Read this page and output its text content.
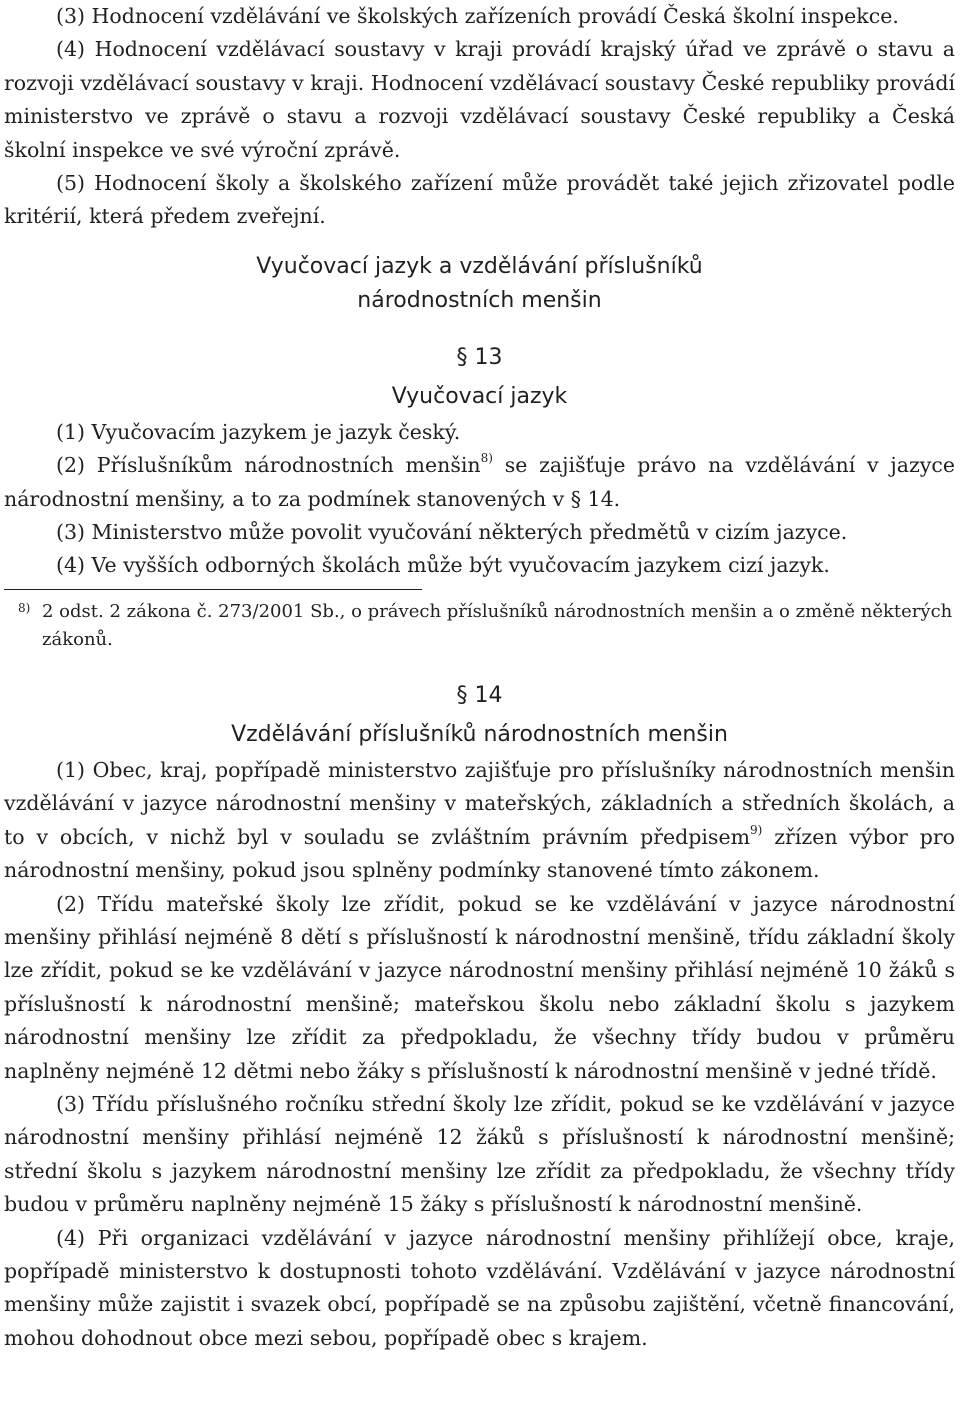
(3) Hodnocení vzdělávání ve školských zařízeních provádí Česká školní inspekce.

(4) Hodnocení vzdělávací soustavy v kraji provádí krajský úřad ve zprávě o stavu a rozvoji vzdělávací soustavy v kraji. Hodnocení vzdělávací soustavy České republiky provádí ministerstvo ve zprávě o stavu a rozvoji vzdělávací soustavy České republiky a Česká školní inspekce ve své výroční zprávě.

(5) Hodnocení školy a školského zařízení může provádět také jejich zřizovatel podle kritérií, která předem zveřejní.

Vyučovací jazyk a vzdělávání příslušníků
národnostních menšin
§ 13
Vyučovací jazyk

(1) Vyučovacím jazykem je jazyk český.

(2) Příslušníkům národnostních menšin$^{8)}$ se zajišťuje právo na vzdělávání v jazyce národnostní menšiny, a to za podmínek stanovených v § 14.

(3) Ministerstvo může povolit vyučování některých předmětů v cizím jazyce.

(4) Ve vyšších odborných školách může být vyučovacím jazykem cizí jazyk.

8) 2 odst. 2 zákona č. 273/2001 Sb., o právech příslušníků národnostních menšin a o změně některých zákonů.
§ 14
Vzdělávání příslušníků národnostních menšin

(1) Obec, kraj, popřípadě ministerstvo zajišťuje pro příslušníky národnostních menšin vzdělávání v jazyce národnostní menšiny v mateřských, základních a středních školách, a to v obcích, v nichž byl v souladu se zvláštním právním předpisem$^{9)}$ zřízen výbor pro národnostní menšiny, pokud jsou splněny podmínky stanovené tímto zákonem.

(2) Třídu mateřské školy lze zřídit, pokud se ke vzdělávání v jazyce národnostní menšiny přihlásí nejméně 8 dětí s příslušností k národnostní menšině, třídu základní školy lze zřídit, pokud se ke vzdělávání v jazyce národnostní menšiny přihlásí nejméně 10 žáků s příslušností k národnostní menšině; mateřskou školu nebo základní školu s jazykem národnostní menšiny lze zřídit za předpokladu, že všechny třídy budou v průměru naplněny nejméně 12 dětmi nebo žáky s příslušností k národnostní menšině v jedné třídě.

(3) Třídu příslušného ročníku střední školy lze zřídit, pokud se ke vzdělávání v jazyce národnostní menšiny přihlásí nejméně 12 žáků s příslušností k národnostní menšině; střední školu s jazykem národnostní menšiny lze zřídit za předpokladu, že všechny třídy budou v průměru naplněny nejméně 15 žáky s příslušností k národnostní menšině.

(4) Při organizaci vzdělávání v jazyce národnostní menšiny přihlížejí obce, kraje, popřípadě ministerstvo k dostupnosti tohoto vzdělávání. Vzdělávání v jazyce národnostní menšiny může zajistit i svazek obcí, popřípadě se na způsobu zajištění, včetně financování, mohou dohodnout obce mezi sebou, popřípadě obec s krajem.
